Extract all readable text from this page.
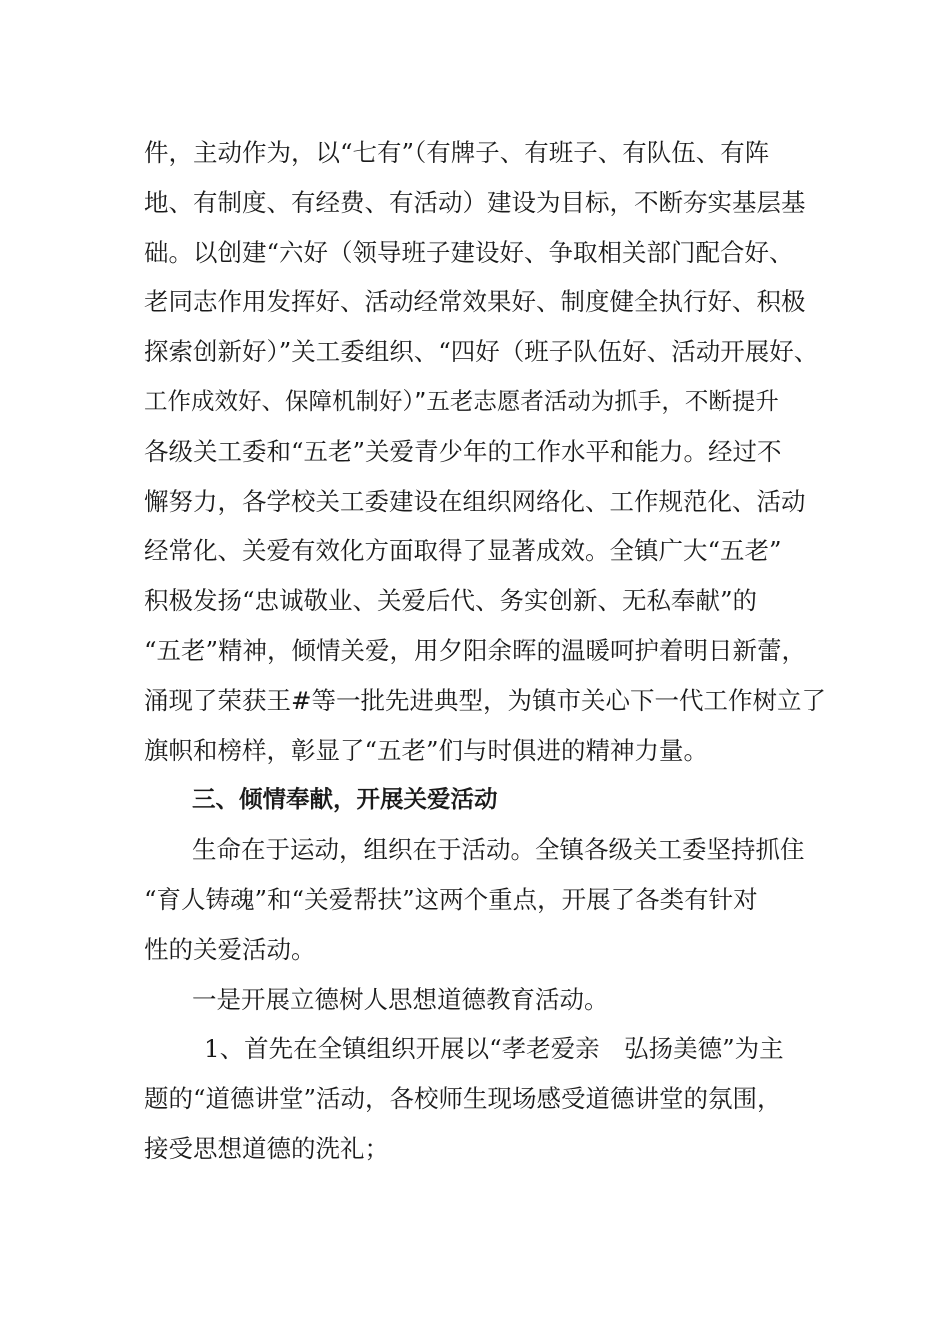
件，主动作为，以“七有”（有牌子、有班子、有队伍、有阵
地、有制度、有经费、有活动）建设为目标，不断夯实基层基
础。以创建“六好（领导班子建设好、争取相关部门配合好、
老同志作用发挥好、活动经常效果好、制度健全执行好、积极
探索创新好）”关工委组织、“四好（班子队伍好、活动开展好、
工作成效好、保障机制好）”五老志愿者活动为抓手，不断提升
各级关工委和“五老”关爱青少年的工作水平和能力。经过不
懈努力，各学校关工委建设在组织网络化、工作规范化、活动
经常化、关爱有效化方面取得了显著成效。全镇广大“五老”
积极发扬“忠诚敬业、关爱后代、务实创新、无私奉献”的
“五老”精神，倾情关爱，用夕阳余晖的温暖呵护着明日新蕾，
涌现了荣获王#等一批先进典型，为镇市关心下一代工作树立了
旗帜和榜样，彰显了“五老”们与时俱进的精神力量。
三、倾情奉献，开展关爱活动
生命在于运动，组织在于活动。全镇各级关工委坚持抓住
“育人铸魂”和“关爱帮扶”这两个重点，开展了各类有针对
性的关爱活动。
一是开展立德树人思想道德教育活动。
1、首先在全镇组织开展以“孝老爱亲　弘扬美德”为主
题的“道德讲堂”活动，各校师生现场感受道德讲堂的氛围，
接受思想道德的洗礼；
